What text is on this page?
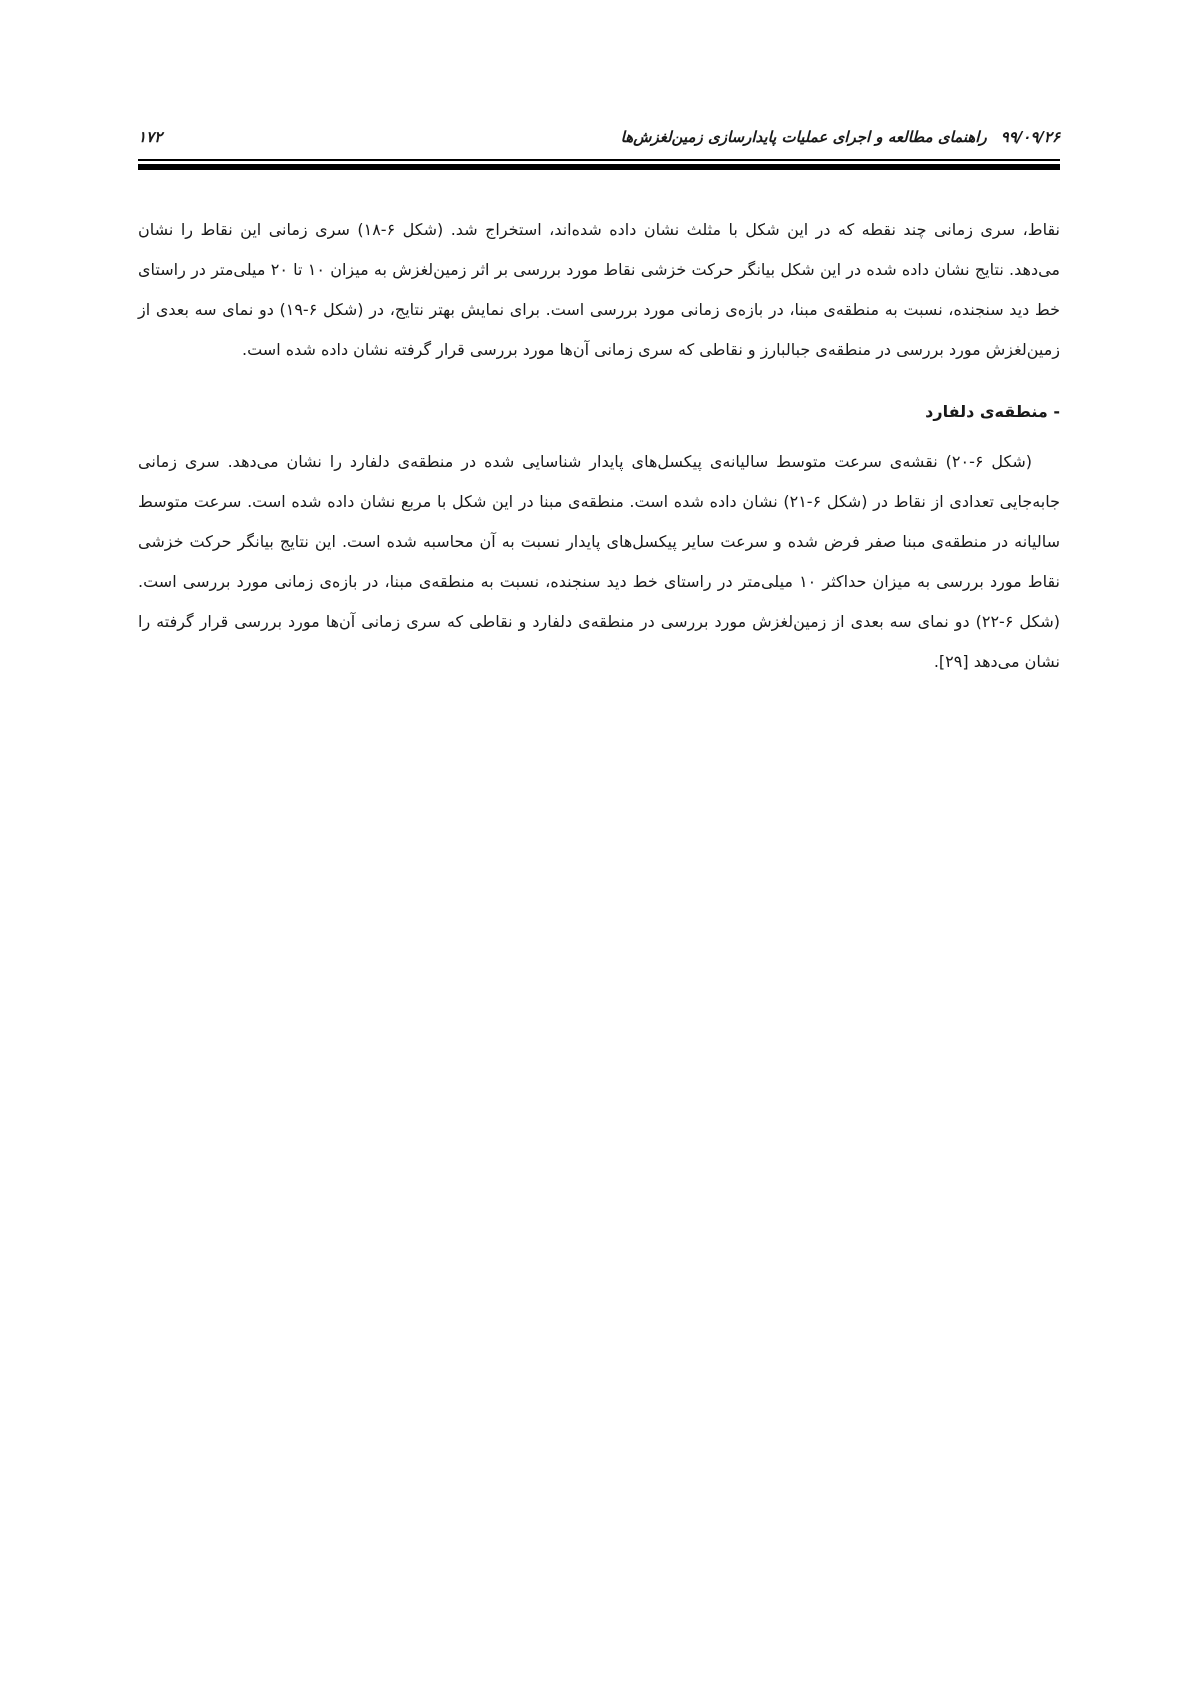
۹۹/۰۹/۲۶راهنمای مطالعه و اجرای عملیات پایدارسازی زمین‌لغزش‌ها
۱۷۲

نقاط، سری زمانی چند نقطه که در این شکل با مثلث نشان داده شده‌اند، استخراج شد. (شکل ۶-۱۸) سری زمانی این نقاط را نشان می‌دهد. نتایج نشان داده شده در این شکل بیانگر حرکت خزشی نقاط مورد بررسی بر اثر زمین‌لغزش به میزان ۱۰ تا ۲۰ میلی‌متر در راستای خط دید سنجنده، نسبت به منطقه‌ی مبنا، در بازه‌ی زمانی مورد بررسی است. برای نمایش بهتر نتایج، در (شکل ۶-۱۹) دو نمای سه بعدی از زمین‌لغزش مورد بررسی در منطقه‌ی جبالبارز و نقاطی که سری زمانی آن‌ها مورد بررسی قرار گرفته نشان داده شده است.

- منطقه‌ی دلفارد

(شکل ۶-۲۰) نقشه‌ی سرعت متوسط سالیانه‌ی پیکسل‌های پایدار شناسایی شده در منطقه‌ی دلفارد را نشان می‌دهد. سری زمانی جابه‌جایی تعدادی از نقاط در (شکل ۶-۲۱) نشان داده شده است. منطقه‌ی مبنا در این شکل با مربع نشان داده شده است. سرعت متوسط سالیانه در منطقه‌ی مبنا صفر فرض شده و سرعت سایر پیکسل‌های پایدار نسبت به آن محاسبه شده است. این نتایج بیانگر حرکت خزشی نقاط مورد بررسی به میزان حداکثر ۱۰ میلی‌متر در راستای خط دید سنجنده، نسبت به منطقه‌ی مبنا، در بازه‌ی زمانی مورد بررسی است. (شکل ۶-۲۲) دو نمای سه بعدی از زمین‌لغزش مورد بررسی در منطقه‌ی دلفارد و نقاطی که سری زمانی آن‌ها مورد بررسی قرار گرفته را نشان می‌دهد [۲۹].
